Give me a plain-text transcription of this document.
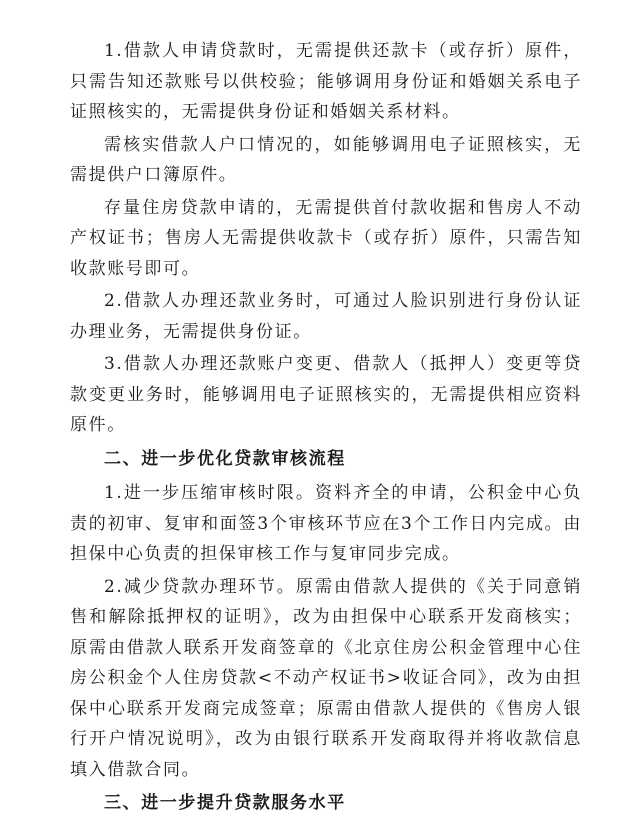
1.借款人申请贷款时，无需提供还款卡（或存折）原件，只需告知还款账号以供校验；能够调用身份证和婚姻关系电子证照核实的，无需提供身份证和婚姻关系材料。

需核实借款人户口情况的，如能够调用电子证照核实，无需提供户口簿原件。

存量住房贷款申请的，无需提供首付款收据和售房人不动产权证书；售房人无需提供收款卡（或存折）原件，只需告知收款账号即可。

2.借款人办理还款业务时，可通过人脸识别进行身份认证办理业务，无需提供身份证。

3.借款人办理还款账户变更、借款人（抵押人）变更等贷款变更业务时，能够调用电子证照核实的，无需提供相应资料原件。

二、进一步优化贷款审核流程

1.进一步压缩审核时限。资料齐全的申请，公积金中心负责的初审、复审和面签3个审核环节应在3个工作日内完成。由担保中心负责的担保审核工作与复审同步完成。

2.减少贷款办理环节。原需由借款人提供的《关于同意销售和解除抵押权的证明》，改为由担保中心联系开发商核实；原需由借款人联系开发商签章的《北京住房公积金管理中心住房公积金个人住房贷款<不动产权证书>收证合同》，改为由担保中心联系开发商完成签章；原需由借款人提供的《售房人银行开户情况说明》，改为由银行联系开发商取得并将收款信息填入借款合同。

三、进一步提升贷款服务水平
